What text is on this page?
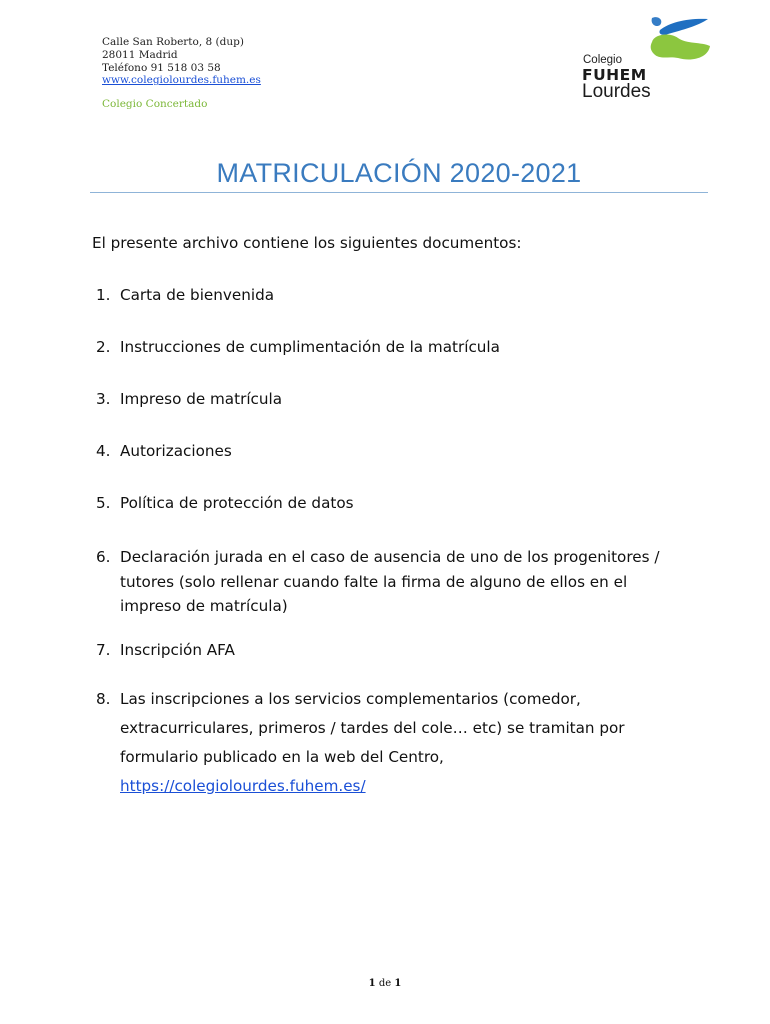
Calle San Roberto, 8 (dup)
28011 Madrid
Teléfono 91 518 03 58
www.colegiolourdes.fuhem.es
Colegio Concertado
Colegio
FUHEM
Lourdes
MATRICULACIÓN 2020-2021
El presente archivo contiene los siguientes documentos:
1. Carta de bienvenida
2. Instrucciones de cumplimentación de la matrícula
3. Impreso de matrícula
4. Autorizaciones
5. Política de protección de datos
6. Declaración jurada en el caso de ausencia de uno de los progenitores /
tutores (solo rellenar cuando falte la firma de alguno de ellos en el
impreso de matrícula)
7. Inscripción AFA
8. Las inscripciones a los servicios complementarios (comedor,
extracurriculares, primeros / tardes del cole… etc) se tramitan por
formulario publicado en la web del Centro,
https://colegiolourdes.fuhem.es/
1 de 1
